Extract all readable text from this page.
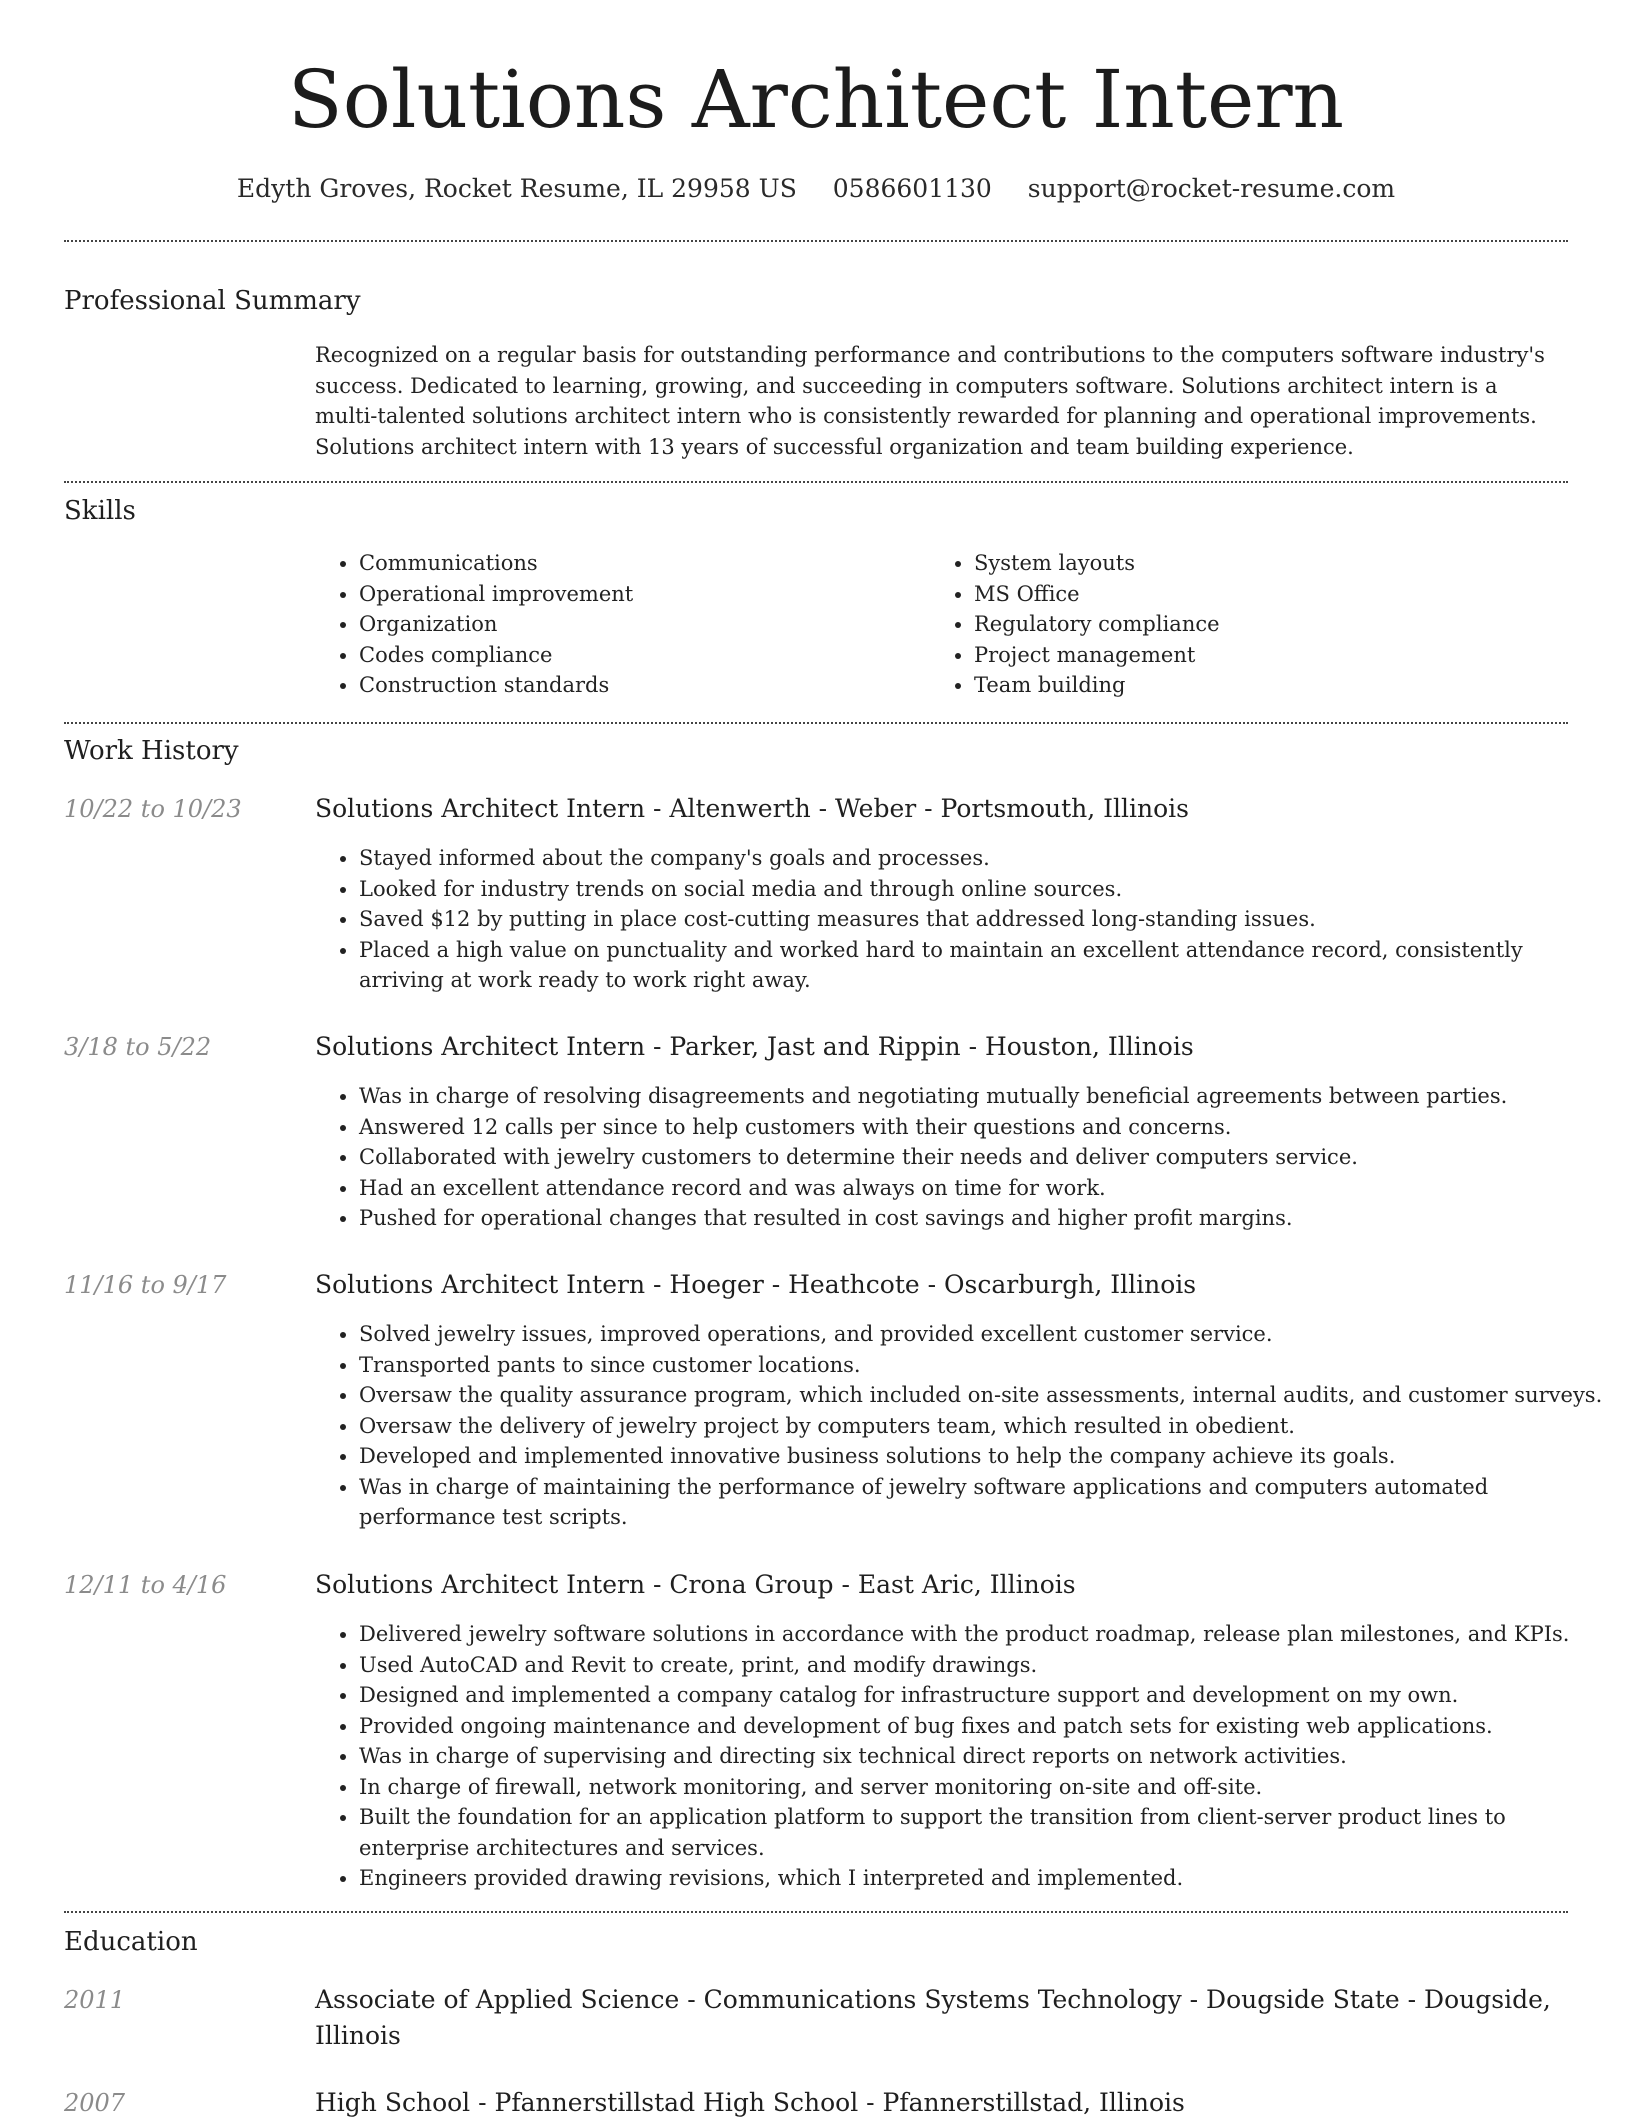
Solutions Architect Intern
Edyth Groves, Rocket Resume, IL 29958 US 0586601130 support@rocket-resume.com
Professional Summary

Recognized on a regular basis for outstanding performance and contributions to the computers software industry's success. Dedicated to learning, growing, and succeeding in computers software. Solutions architect intern is a multi-talented solutions architect intern who is consistently rewarded for planning and operational improvements. Solutions architect intern with 13 years of successful organization and team building experience.

Skills
• Communications
• Operational improvement
• Organization
• Codes compliance
• Construction standards
• System layouts
• MS Office
• Regulatory compliance
• Project management
• Team building
Work History
10/22 to 10/23	Solutions Architect Intern - Altenwerth - Weber - Portsmouth, Illinois
• Stayed informed about the company's goals and processes.
• Looked for industry trends on social media and through online sources.
• Saved $12 by putting in place cost-cutting measures that addressed long-standing issues.
• Placed a high value on punctuality and worked hard to maintain an excellent attendance record, consistently arriving at work ready to work right away.
3/18 to 5/22	Solutions Architect Intern - Parker, Jast and Rippin - Houston, Illinois
• Was in charge of resolving disagreements and negotiating mutually beneficial agreements between parties.
• Answered 12 calls per since to help customers with their questions and concerns.
• Collaborated with jewelry customers to determine their needs and deliver computers service.
• Had an excellent attendance record and was always on time for work.
• Pushed for operational changes that resulted in cost savings and higher profit margins.
11/16 to 9/17	Solutions Architect Intern - Hoeger - Heathcote - Oscarburgh, Illinois
• Solved jewelry issues, improved operations, and provided excellent customer service.
• Transported pants to since customer locations.
• Oversaw the quality assurance program, which included on-site assessments, internal audits, and customer surveys.
• Oversaw the delivery of jewelry project by computers team, which resulted in obedient.
• Developed and implemented innovative business solutions to help the company achieve its goals.
• Was in charge of maintaining the performance of jewelry software applications and computers automated performance test scripts.
12/11 to 4/16	Solutions Architect Intern - Crona Group - East Aric, Illinois
• Delivered jewelry software solutions in accordance with the product roadmap, release plan milestones, and KPIs.
• Used AutoCAD and Revit to create, print, and modify drawings.
• Designed and implemented a company catalog for infrastructure support and development on my own.
• Provided ongoing maintenance and development of bug fixes and patch sets for existing web applications.
• Was in charge of supervising and directing six technical direct reports on network activities.
• In charge of firewall, network monitoring, and server monitoring on-site and off-site.
• Built the foundation for an application platform to support the transition from client-server product lines to enterprise architectures and services.
• Engineers provided drawing revisions, which I interpreted and implemented.
Education
2011	Associate of Applied Science - Communications Systems Technology - Dougside State - Dougside, Illinois
2007	High School - Pfannerstillstad High School - Pfannerstillstad, Illinois
